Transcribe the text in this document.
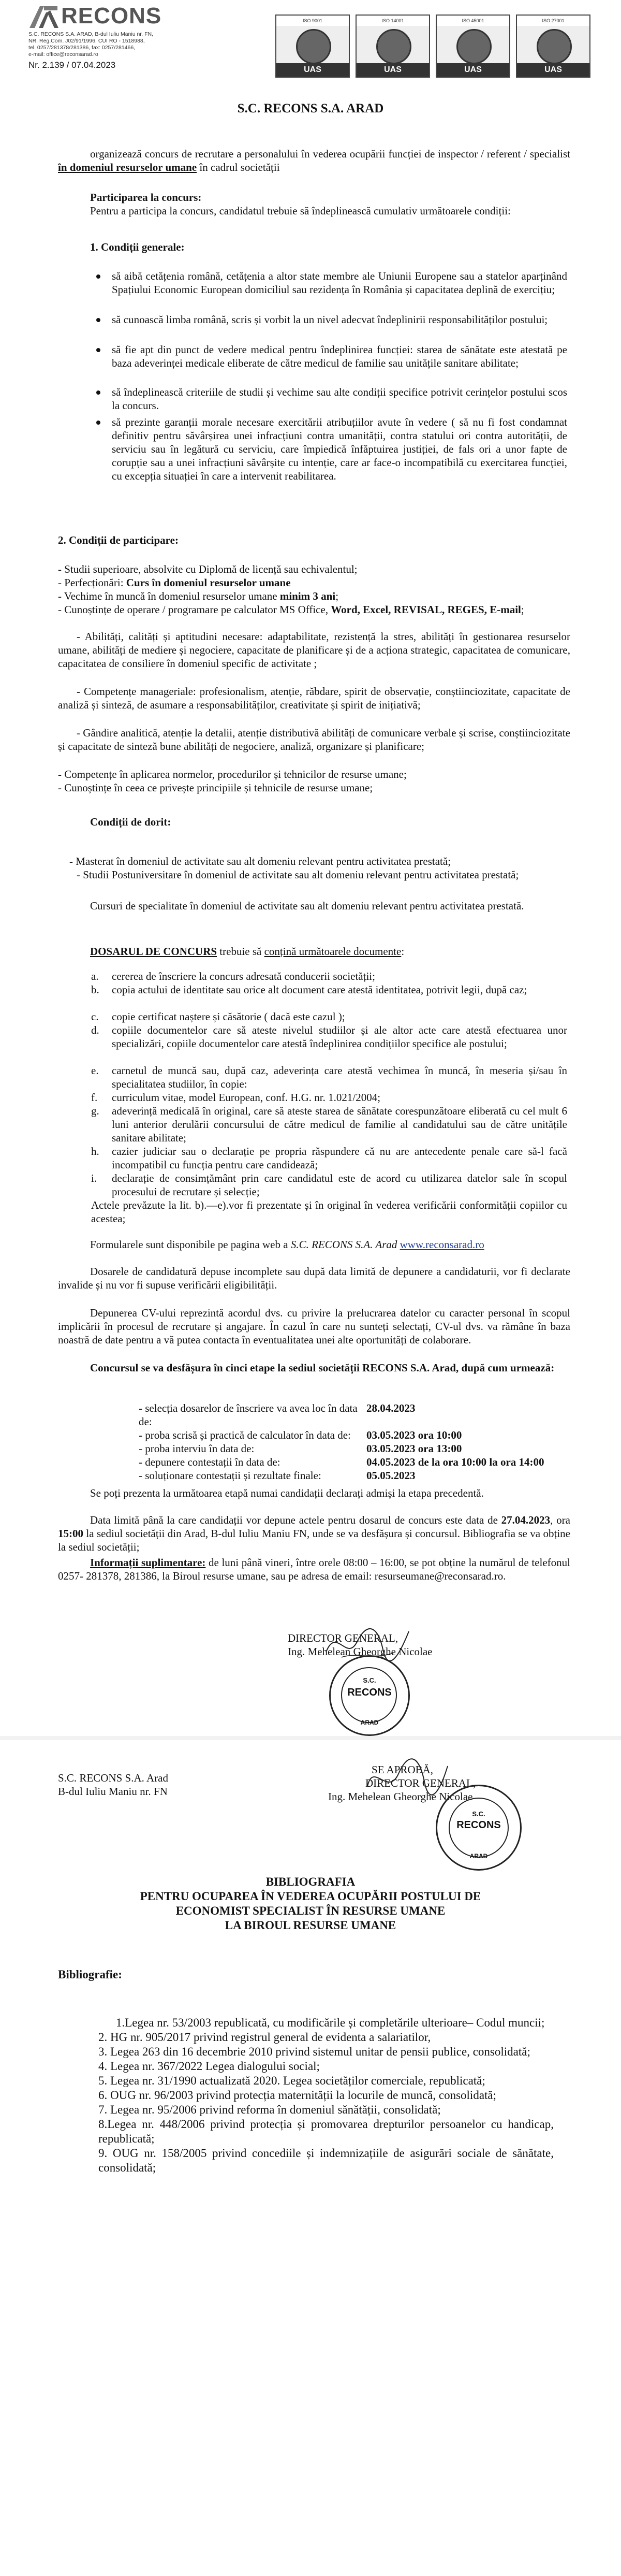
RECONS
S.C. RECONS S.A. ARAD, B-dul Iuliu Maniu nr. FN,
NR. Reg.Com. J02/91/1996, CUI RO - 1518988,
tel. 0257/281378/281386, fax: 0257/281466,
e-mail: office@reconsarad.ro
Nr. 2.139 / 07.04.2023
ISO 9001
UAS
ISO 14001
UAS
ISO 45001
UAS
ISO 27001
UAS
S.C. RECONS S.A. ARAD

organizează concurs de recrutare a personalului în vederea ocupării funcției de inspector / referent / specialist în domeniul resurselor umane în cadrul societății

Participarea la concurs:

Pentru a participa la concurs, candidatul trebuie să îndeplinească cumulativ următoarele condiții:

1. Condiții generale:

să aibă cetățenia română, cetățenia a altor state membre ale Uniunii Europene sau a statelor aparținând Spațiului Economic European domiciliul sau rezidența în România și capacitatea deplină de exercițiu;

să cunoască limba română, scris și vorbit la un nivel adecvat îndeplinirii responsabilităților postului;

să fie apt din punct de vedere medical pentru îndeplinirea funcției: starea de sănătate este atestată pe baza adeverinței medicale eliberate de către medicul de familie sau unitățile sanitare abilitate;

să îndeplinească criteriile de studii și vechime sau alte condiții specifice potrivit cerințelor postului scos la concurs.

să prezinte garanții morale necesare exercitării atribuțiilor avute în vedere ( să nu fi fost condamnat definitiv pentru săvârșirea unei infracțiuni contra umanității, contra statului ori contra autorității, de serviciu sau în legătură cu serviciu, care împiedică înfăptuirea justiției, de fals ori a unor fapte de corupție sau a unei infracțiuni săvârșite cu intenție, care ar face-o incompatibilă cu exercitarea funcției, cu excepția situației în care a intervenit reabilitarea.

2. Condiții de participare:

- Studii superioare, absolvite cu Diplomă de licență sau echivalentul;

- Perfecționări: Curs în domeniul resurselor umane

- Vechime în muncă în domeniul resurselor umane minim 3 ani;

- Cunoștințe de operare / programare pe calculator MS Office, Word, Excel, REVISAL, REGES, E-mail;

- Abilități, calități și aptitudini necesare: adaptabilitate, rezistență la stres, abilități în gestionarea resurselor umane, abilități de mediere și negociere, capacitate de planificare și de a acționa strategic, capacitatea de comunicare, capacitatea de consiliere în domeniul specific de activitate ;

- Competențe manageriale: profesionalism, atenție, răbdare, spirit de observație, conștiinciozitate, capacitate de analiză și sinteză, de asumare a responsabilităților, creativitate și spirit de inițiativă;

- Gândire analitică, atenție la detalii, atenție distributivă abilități de comunicare verbale și scrise, conștiinciozitate și capacitate de sinteză bune abilități de negociere, analiză, organizare și planificare;

- Competențe în aplicarea normelor, procedurilor și tehnicilor de resurse umane;

- Cunoștințe în ceea ce privește principiile și tehnicile de resurse umane;

Condiții de dorit:

- Masterat în domeniul de activitate sau alt domeniu relevant pentru activitatea prestată;

- Studii Postuniversitare în domeniul de activitate sau alt domeniu relevant pentru activitatea prestată;

Cursuri de specialitate în domeniul de activitate sau alt domeniu relevant pentru activitatea prestată.

DOSARUL DE CONCURS trebuie să conțină următoarele documente:

a. cererea de înscriere la concurs adresată conducerii societății;

b. copia actului de identitate sau orice alt document care atestă identitatea, potrivit legii, după caz;

c. copie certificat naștere și căsătorie ( dacă este cazul );

d. copiile documentelor care să ateste nivelul studiilor și ale altor acte care atestă efectuarea unor specializări, copiile documentelor care atestă îndeplinirea condițiilor specifice ale postului;

e. carnetul de muncă sau, după caz, adeverința care atestă vechimea în muncă, în meseria și/sau în specialitatea studiilor, în copie:

f. curriculum vitae, model European, conf. H.G. nr. 1.021/2004;

g. adeverință medicală în original, care să ateste starea de sănătate corespunzătoare eliberată cu cel mult 6 luni anterior derulării concursului de către medicul de familie al candidatului sau de către unitățile sanitare abilitate;

h. cazier judiciar sau o declarație pe propria răspundere că nu are antecedente penale care să-l facă incompatibil cu funcția pentru care candidează;

i. declarație de consimțământ prin care candidatul este de acord cu utilizarea datelor sale în scopul procesului de recrutare și selecție;

Actele prevăzute la lit. b).—e).vor fi prezentate și în original în vederea verificării conformității copiilor cu acestea;

Formularele sunt disponibile pe pagina web a S.C. RECONS S.A. Arad www.reconsarad.ro

Dosarele de candidatură depuse incomplete sau după data limită de depunere a candidaturii, vor fi declarate invalide și nu vor fi supuse verificării eligibilității.

Depunerea CV-ului reprezintă acordul dvs. cu privire la prelucrarea datelor cu caracter personal în scopul implicării în procesul de recrutare și angajare. În cazul în care nu sunteți selectați, CV-ul dvs. va rămâne în baza noastră de date pentru a vă putea contacta în eventualitatea unei alte oportunități de colaborare.

Concursul se va desfășura în cinci etape la sediul societății RECONS S.A. Arad, după cum urmează:

- selecția dosarelor de înscriere va avea loc în data de:	28.04.2023
- proba scrisă și practică de calculator în data de:	03.05.2023 ora 10:00
- proba interviu în data de:	03.05.2023 ora 13:00
- depunere contestații în data de:	04.05.2023 de la ora 10:00 la ora 14:00
- soluționare contestații și rezultate finale:	05.05.2023

Se poți prezenta la următoarea etapă numai candidații declarați admiși la etapa precedentă.

Data limită până la care candidații vor depune actele pentru dosarul de concurs este data de 27.04.2023, ora 15:00 la sediul societății din Arad, B-dul Iuliu Maniu FN, unde se va desfășura și concursul. Bibliografia se va obține la sediul societății;

Informații suplimentare: de luni până vineri, între orele 08:00 – 16:00, se pot obține la numărul de telefonul 0257- 281378, 281386, la Biroul resurse umane, sau pe adresa de email: resurseumane@reconsarad.ro.

DIRECTOR GENERAL,

Ing. Mehelean Gheorghe Nicolae

S.C.
RECONS
ARAD

S.C. RECONS S.A. Arad

B-dul Iuliu Maniu nr. FN

SE APROBĂ,

DIRECTOR GENERAL,

Ing. Mehelean Gheorghe Nicolae

S.C.
RECONS
ARAD
BIBLIOGRAFIA
PENTRU OCUPAREA ÎN VEDEREA OCUPĂRII POSTULUI DE
ECONOMIST SPECIALIST ÎN RESURSE UMANE
LA BIROUL RESURSE UMANE

Bibliografie:

1.Legea nr. 53/2003 republicată, cu modificările și completările ulterioare– Codul muncii;

2. HG nr. 905/2017 privind registrul general de evidenta a salariatilor,

3. Legea 263 din 16 decembrie 2010 privind sistemul unitar de pensii publice, consolidată;

4. Legea nr. 367/2022 Legea dialogului social;

5. Legea nr. 31/1990 actualizată 2020. Legea societăților comerciale, republicată;

6. OUG nr. 96/2003 privind protecția maternității la locurile de muncă, consolidată;

7. Legea nr. 95/2006 privind reforma în domeniul sănătății, consolidată;

8.Legea nr. 448/2006 privind protecția și promovarea drepturilor persoanelor cu handicap, republicată;

9. OUG nr. 158/2005 privind concediile și indemnizațiile de asigurări sociale de sănătate, consolidată;
